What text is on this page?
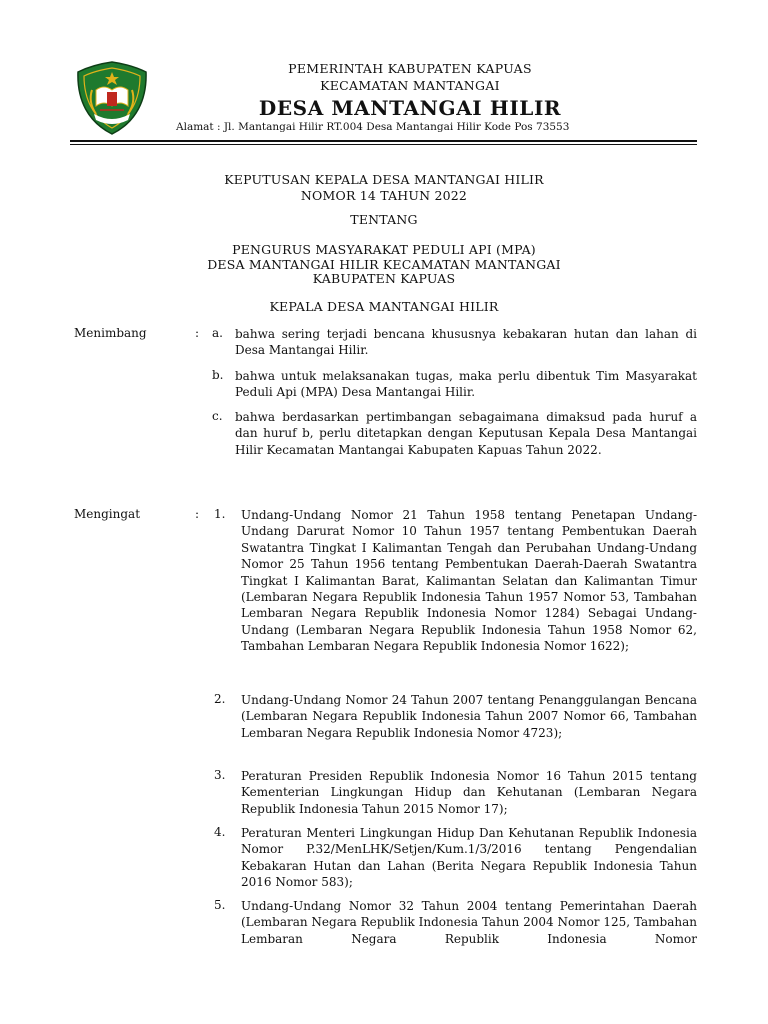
PEMERINTAH KABUPATEN KAPUAS
KECAMATAN MANTANGAI
DESA MANTANGAI HILIR
Alamat : Jl. Mantangai Hilir RT.004 Desa Mantangai Hilir Kode Pos 73553
KEPUTUSAN KEPALA DESA MANTANGAI HILIR
NOMOR 14 TAHUN 2022
TENTANG
PENGURUS MASYARAKAT PEDULI API (MPA)
DESA MANTANGAI HILIR KECAMATAN MANTANGAI
KABUPATEN KAPUAS
KEPALA DESA MANTANGAI HILIR
Menimbang	: a. bahwa sering terjadi bencana khususnya kebakaran hutan dan lahan di Desa Mantangai Hilir.
b. bahwa untuk melaksanakan tugas, maka perlu dibentuk Tim Masyarakat Peduli Api (MPA) Desa Mantangai Hilir.
c. bahwa berdasarkan pertimbangan sebagaimana dimaksud pada huruf a dan huruf b, perlu ditetapkan dengan Keputusan Kepala Desa Mantangai Hilir Kecamatan Mantangai Kabupaten Kapuas Tahun 2022.
Mengingat	: 1. Undang-Undang Nomor 21 Tahun 1958 tentang Penetapan Undang-Undang Darurat Nomor 10 Tahun 1957 tentang Pembentukan Daerah Swatantra Tingkat I Kalimantan Tengah dan Perubahan Undang-Undang Nomor 25 Tahun 1956 tentang Pembentukan Daerah-Daerah Swatantra Tingkat I Kalimantan Barat, Kalimantan Selatan dan Kalimantan Timur (Lembaran Negara Republik Indonesia Tahun 1957 Nomor 53, Tambahan Lembaran Negara Republik Indonesia Nomor 1284) Sebagai Undang-Undang (Lembaran Negara Republik Indonesia Tahun 1958 Nomor 62, Tambahan Lembaran Negara Republik Indonesia Nomor 1622);
2. Undang-Undang Nomor 24 Tahun 2007 tentang Penanggulangan Bencana (Lembaran Negara Republik Indonesia Tahun 2007 Nomor 66, Tambahan Lembaran Negara Republik Indonesia Nomor 4723);
3. Peraturan Presiden Republik Indonesia Nomor 16 Tahun 2015 tentang Kementerian Lingkungan Hidup dan Kehutanan (Lembaran Negara Republik Indonesia Tahun 2015 Nomor 17);
4. Peraturan Menteri Lingkungan Hidup Dan Kehutanan Republik Indonesia Nomor P.32/MenLHK/Setjen/Kum.1/3/2016 tentang Pengendalian Kebakaran Hutan dan Lahan (Berita Negara Republik Indonesia Tahun 2016 Nomor 583);
5. Undang-Undang Nomor 32 Tahun 2004 tentang Pemerintahan Daerah (Lembaran Negara Republik Indonesia Tahun 2004 Nomor 125, Tambahan Lembaran Negara Republik Indonesia Nomor
